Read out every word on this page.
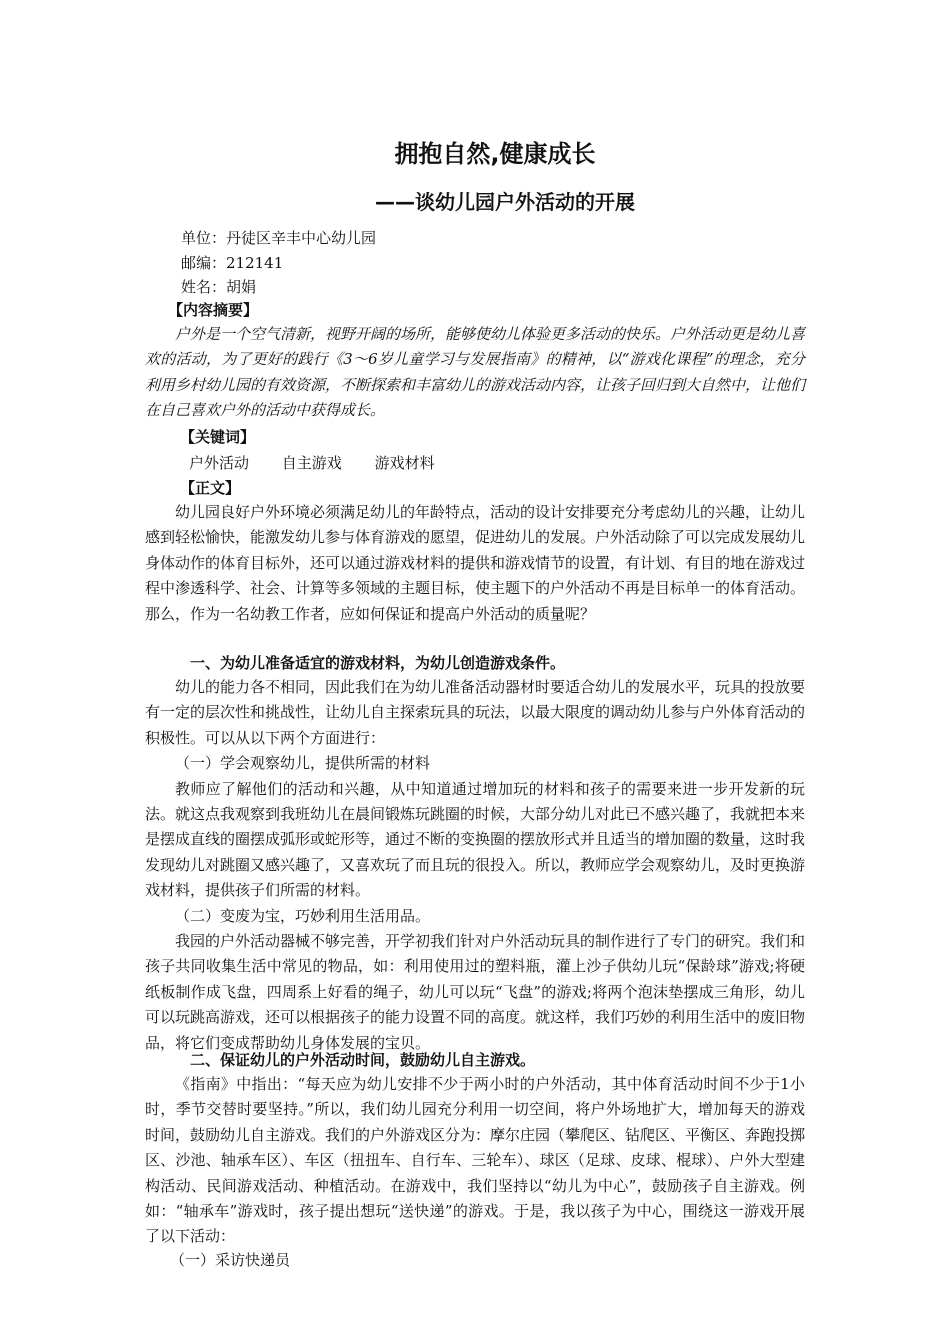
拥抱自然,健康成长
——谈幼儿园户外活动的开展
单位：丹徒区辛丰中心幼儿园
邮编：212141
姓名：胡娟
【内容摘要】

户外是一个空气清新，视野开阔的场所，能够使幼儿体验更多活动的快乐。户外活动更是幼儿喜欢的活动，为了更好的践行《3～6岁儿童学习与发展指南》的精神，以“游戏化课程”的理念，充分利用乡村幼儿园的有效资源，不断探索和丰富幼儿的游戏活动内容，让孩子回归到大自然中，让他们在自己喜欢户外的活动中获得成长。

【关键词】
户外活动 自主游戏 游戏材料
【正文】

幼儿园良好户外环境必须满足幼儿的年龄特点，活动的设计安排要充分考虑幼儿的兴趣，让幼儿感到轻松愉快，能激发幼儿参与体育游戏的愿望，促进幼儿的发展。户外活动除了可以完成发展幼儿身体动作的体育目标外，还可以通过游戏材料的提供和游戏情节的设置，有计划、有目的地在游戏过程中渗透科学、社会、计算等多领域的主题目标，使主题下的户外活动不再是目标单一的体育活动。那么，作为一名幼教工作者，应如何保证和提高户外活动的质量呢？

一、为幼儿准备适宜的游戏材料，为幼儿创造游戏条件。

幼儿的能力各不相同，因此我们在为幼儿准备活动器材时要适合幼儿的发展水平，玩具的投放要有一定的层次性和挑战性，让幼儿自主探索玩具的玩法，以最大限度的调动幼儿参与户外体育活动的积极性。可以从以下两个方面进行：

（一）学会观察幼儿，提供所需的材料

教师应了解他们的活动和兴趣，从中知道通过增加玩的材料和孩子的需要来进一步开发新的玩法。就这点我观察到我班幼儿在晨间锻炼玩跳圈的时候，大部分幼儿对此已不感兴趣了，我就把本来是摆成直线的圈摆成弧形或蛇形等，通过不断的变换圈的摆放形式并且适当的增加圈的数量，这时我发现幼儿对跳圈又感兴趣了，又喜欢玩了而且玩的很投入。所以，教师应学会观察幼儿，及时更换游戏材料，提供孩子们所需的材料。

（二）变废为宝，巧妙利用生活用品。

我园的户外活动器械不够完善，开学初我们针对户外活动玩具的制作进行了专门的研究。我们和孩子共同收集生活中常见的物品，如：利用使用过的塑料瓶，灌上沙子供幼儿玩“保龄球”游戏;将硬纸板制作成飞盘，四周系上好看的绳子，幼儿可以玩“飞盘”的游戏;将两个泡沫垫摆成三角形，幼儿可以玩跳高游戏，还可以根据孩子的能力设置不同的高度。就这样，我们巧妙的利用生活中的废旧物品，将它们变成帮助幼儿身体发展的宝贝。

二、保证幼儿的户外活动时间，鼓励幼儿自主游戏。

《指南》中指出：“每天应为幼儿安排不少于两小时的户外活动，其中体育活动时间不少于1小时，季节交替时要坚持。”所以，我们幼儿园充分利用一切空间，将户外场地扩大，增加每天的游戏时间，鼓励幼儿自主游戏。我们的户外游戏区分为：摩尔庄园（攀爬区、钻爬区、平衡区、奔跑投掷区、沙池、轴承车区）、车区（扭扭车、自行车、三轮车）、球区（足球、皮球、棍球）、户外大型建构活动、民间游戏活动、种植活动。在游戏中，我们坚持以“幼儿为中心”，鼓励孩子自主游戏。例如：“轴承车”游戏时，孩子提出想玩“送快递”的游戏。于是，我以孩子为中心，围绕这一游戏开展了以下活动：

（一）采访快递员
